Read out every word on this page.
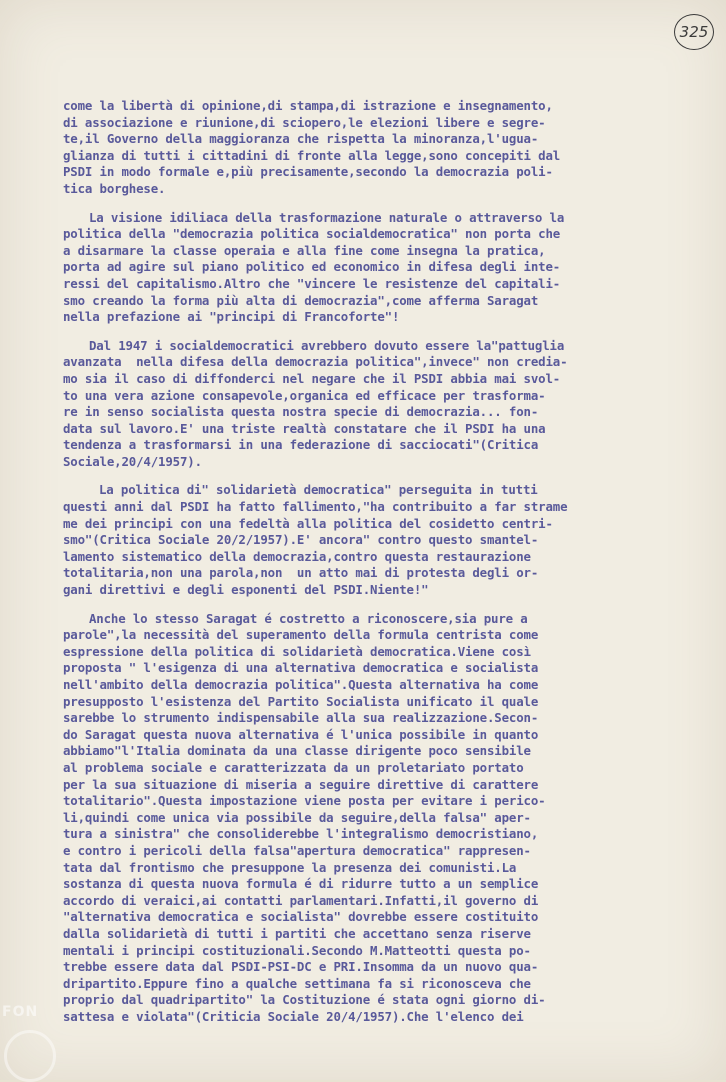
325
come la libertà di opinione,di stampa,di istrazione e insegnamento,
di associazione e riunione,di sciopero,le elezioni libere e segre-
te,il Governo della maggioranza che rispetta la minoranza,l'ugua-
glianza di tutti i cittadini di fronte alla legge,sono concepiti dal
PSDI in modo formale e,più precisamente,secondo la democrazia poli-
tica borghese.
La visione idiliaca della trasformazione naturale o attraverso la
politica della "democrazia politica socialdemocratica" non porta che
a disarmare la classe operaia e alla fine come insegna la pratica,
porta ad agire sul piano politico ed economico in difesa degli inte-
ressi del capitalismo.Altro che "vincere le resistenze del capitali-
smo creando la forma più alta di democrazia",come afferma Saragat
nella prefazione ai "principi di Francoforte"!
Dal 1947 i socialdemocratici avrebbero dovuto essere la"pattuglia
avanzata  nella difesa della democrazia politica",invece" non credia-
mo sia il caso di diffonderci nel negare che il PSDI abbia mai svol-
to una vera azione consapevole,organica ed efficace per trasforma-
re in senso socialista questa nostra specie di democrazia... fon-
data sul lavoro.E' una triste realtà constatare che il PSDI ha una
tendenza a trasformarsi in una federazione di sacciocati"(Critica
Sociale,20/4/1957).
La politica di" solidarietà democratica" perseguita in tutti
questi anni dal PSDI ha fatto fallimento,"ha contribuito a far strame
me dei principi con una fedeltà alla politica del cosidetto centri-
smo"(Critica Sociale 20/2/1957).E' ancora" contro questo smantel-
lamento sistematico della democrazia,contro questa restaurazione
totalitaria,non una parola,non  un atto mai di protesta degli or-
gani direttivi e degli esponenti del PSDI.Niente!"
Anche lo stesso Saragat é costretto a riconoscere,sia pure a
parole",la necessità del superamento della formula centrista come
espressione della politica di solidarietà democratica.Viene così
proposta " l'esigenza di una alternativa democratica e socialista
nell'ambito della democrazia politica".Questa alternativa ha come
presupposto l'esistenza del Partito Socialista unificato il quale
sarebbe lo strumento indispensabile alla sua realizzazione.Secon-
do Saragat questa nuova alternativa é l'unica possibile in quanto
abbiamo"l'Italia dominata da una classe dirigente poco sensibile
al problema sociale e caratterizzata da un proletariato portato
per la sua situazione di miseria a seguire direttive di carattere
totalitario".Questa impostazione viene posta per evitare i perico-
li,quindi come unica via possibile da seguire,della falsa" aper-
tura a sinistra" che consoliderebbe l'integralismo democristiano,
e contro i pericoli della falsa"apertura democratica" rappresen-
tata dal frontismo che presuppone la presenza dei comunisti.La
sostanza di questa nuova formula é di ridurre tutto a un semplice
accordo di veraici,ai contatti parlamentari.Infatti,il governo di
"alternativa democratica e socialista" dovrebbe essere costituito
dalla solidarietà di tutti i partiti che accettano senza riserve
mentali i principi costituzionali.Secondo M.Matteotti questa po-
trebbe essere data dal PSDI-PSI-DC e PRI.Insomma da un nuovo qua-
dripartito.Eppure fino a qualche settimana fa si riconosceva che
proprio dal quadripartito" la Costituzione é stata ogni giorno di-
sattesa e violata"(Criticia Sociale 20/4/1957).Che l'elenco dei
FON
